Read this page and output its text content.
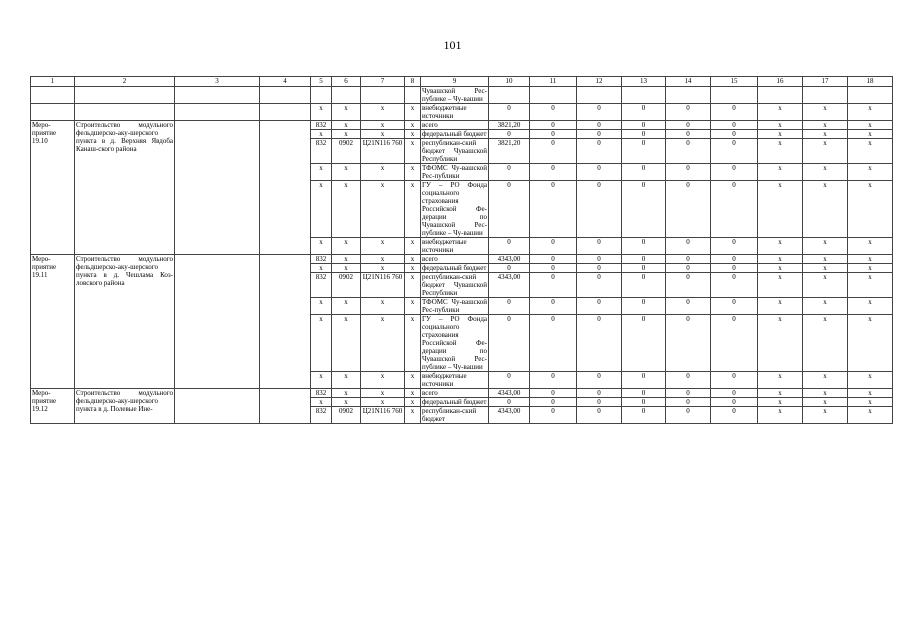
101
1	2	3	4	5	6	7	8	9	10	11	12	13	14	15	16	17	18
								Чувашской Рес-публике – Чу-вашии									
				x	x	x	x	внебюджетные источники	0	0	0	0	0	0	x	x	x
Меро-приятие 19.10	Строительство модульного фельдшерско-аку-шерского пункта в д. Верхняя Явдоба Канаш-ского района			832	x	x	x	всего	3821,20	0	0	0	0	0	x	x	x
				x	x	x	x	федеральный бюджет	0	0	0	0	0	0	x	x	x
				832	0902	Ц21N116 760	x	республикан-ский бюджет Чувашской Республики	3821,20	0	0	0	0	0	x	x	x
				x	x	x	x	ТФОМС Чу-вашской Рес-публики	0	0	0	0	0	0	x	x	x
				x	x	x	x	ГУ – РО Фонда социального страхования Российской Фе-дерации по Чувашской Рес-публике – Чу-вашии	0	0	0	0	0	0	x	x	x
				x	x	x	x	внебюджетные источники	0	0	0	0	0	0	x	x	x
Меро-приятие 19.11	Строительство модульного фельдшерско-аку-шерского пункта в д. Чешлама Коз-ловского района			832	x	x	x	всего	4343,00	0	0	0	0	0	x	x	x
				x	x	x	x	федеральный бюджет	0	0	0	0	0	0	x	x	x
				832	0902	Ц21N116 760	x	республикан-ский бюджет Чувашской Республики	4343,00	0	0	0	0	0	x	x	x
				x	x	x	x	ТФОМС Чу-вашской Рес-публики	0	0	0	0	0	0	x	x	x
				x	x	x	x	ГУ – РО Фонда социального страхования Российской Фе-дерации по Чувашской Рес-публике – Чу-вашии	0	0	0	0	0	0	x	x	x
				x	x	x	x	внебюджетные источники	0	0	0	0	0	0	x	x	x
Меро-приятие 19.12	Строительство модульного фельдшерско-аку-шерского пункта в д. Полевые Ине-			832	x	x	x	всего	4343,00	0	0	0	0	0	x	x	x
				x	x	x	x	федеральный бюджет	0	0	0	0	0	0	x	x	x
				832	0902	Ц21N116 760	x	республикан-ский бюджет	4343,00	0	0	0	0	0	x	x	x
